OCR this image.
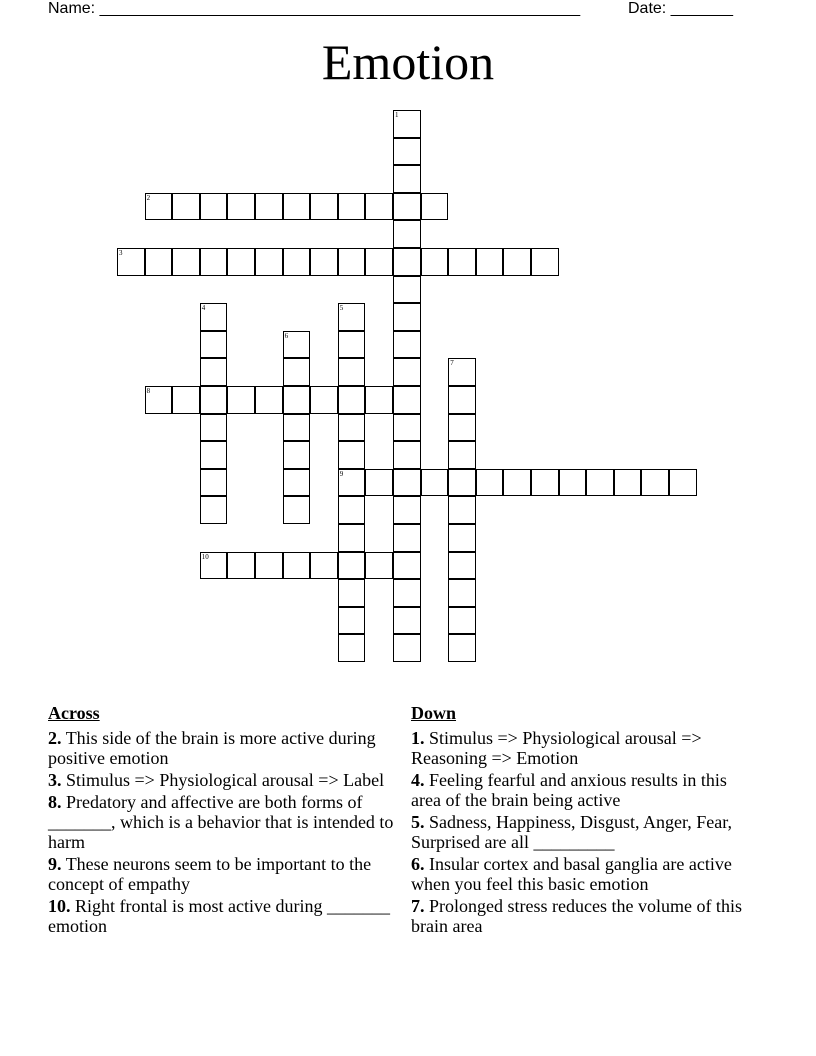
Name: ______________________________________________________	Date: _______
Emotion
1
2
3
4	5
9
6
7
8
10
Across
2. This side of the brain is more active during positive emotion
3. Stimulus => Physiological arousal => Label
8. Predatory and affective are both forms of _______, which is a behavior that is intended to harm
9. These neurons seem to be important to the concept of empathy
10. Right frontal is most active during _______ emotion
Down
1. Stimulus => Physiological arousal => Reasoning => Emotion
4. Feeling fearful and anxious results in this area of the brain being active
5. Sadness, Happiness, Disgust, Anger, Fear, Surprised are all _________
6. Insular cortex and basal ganglia are active when you feel this basic emotion
7. Prolonged stress reduces the volume of this brain area
